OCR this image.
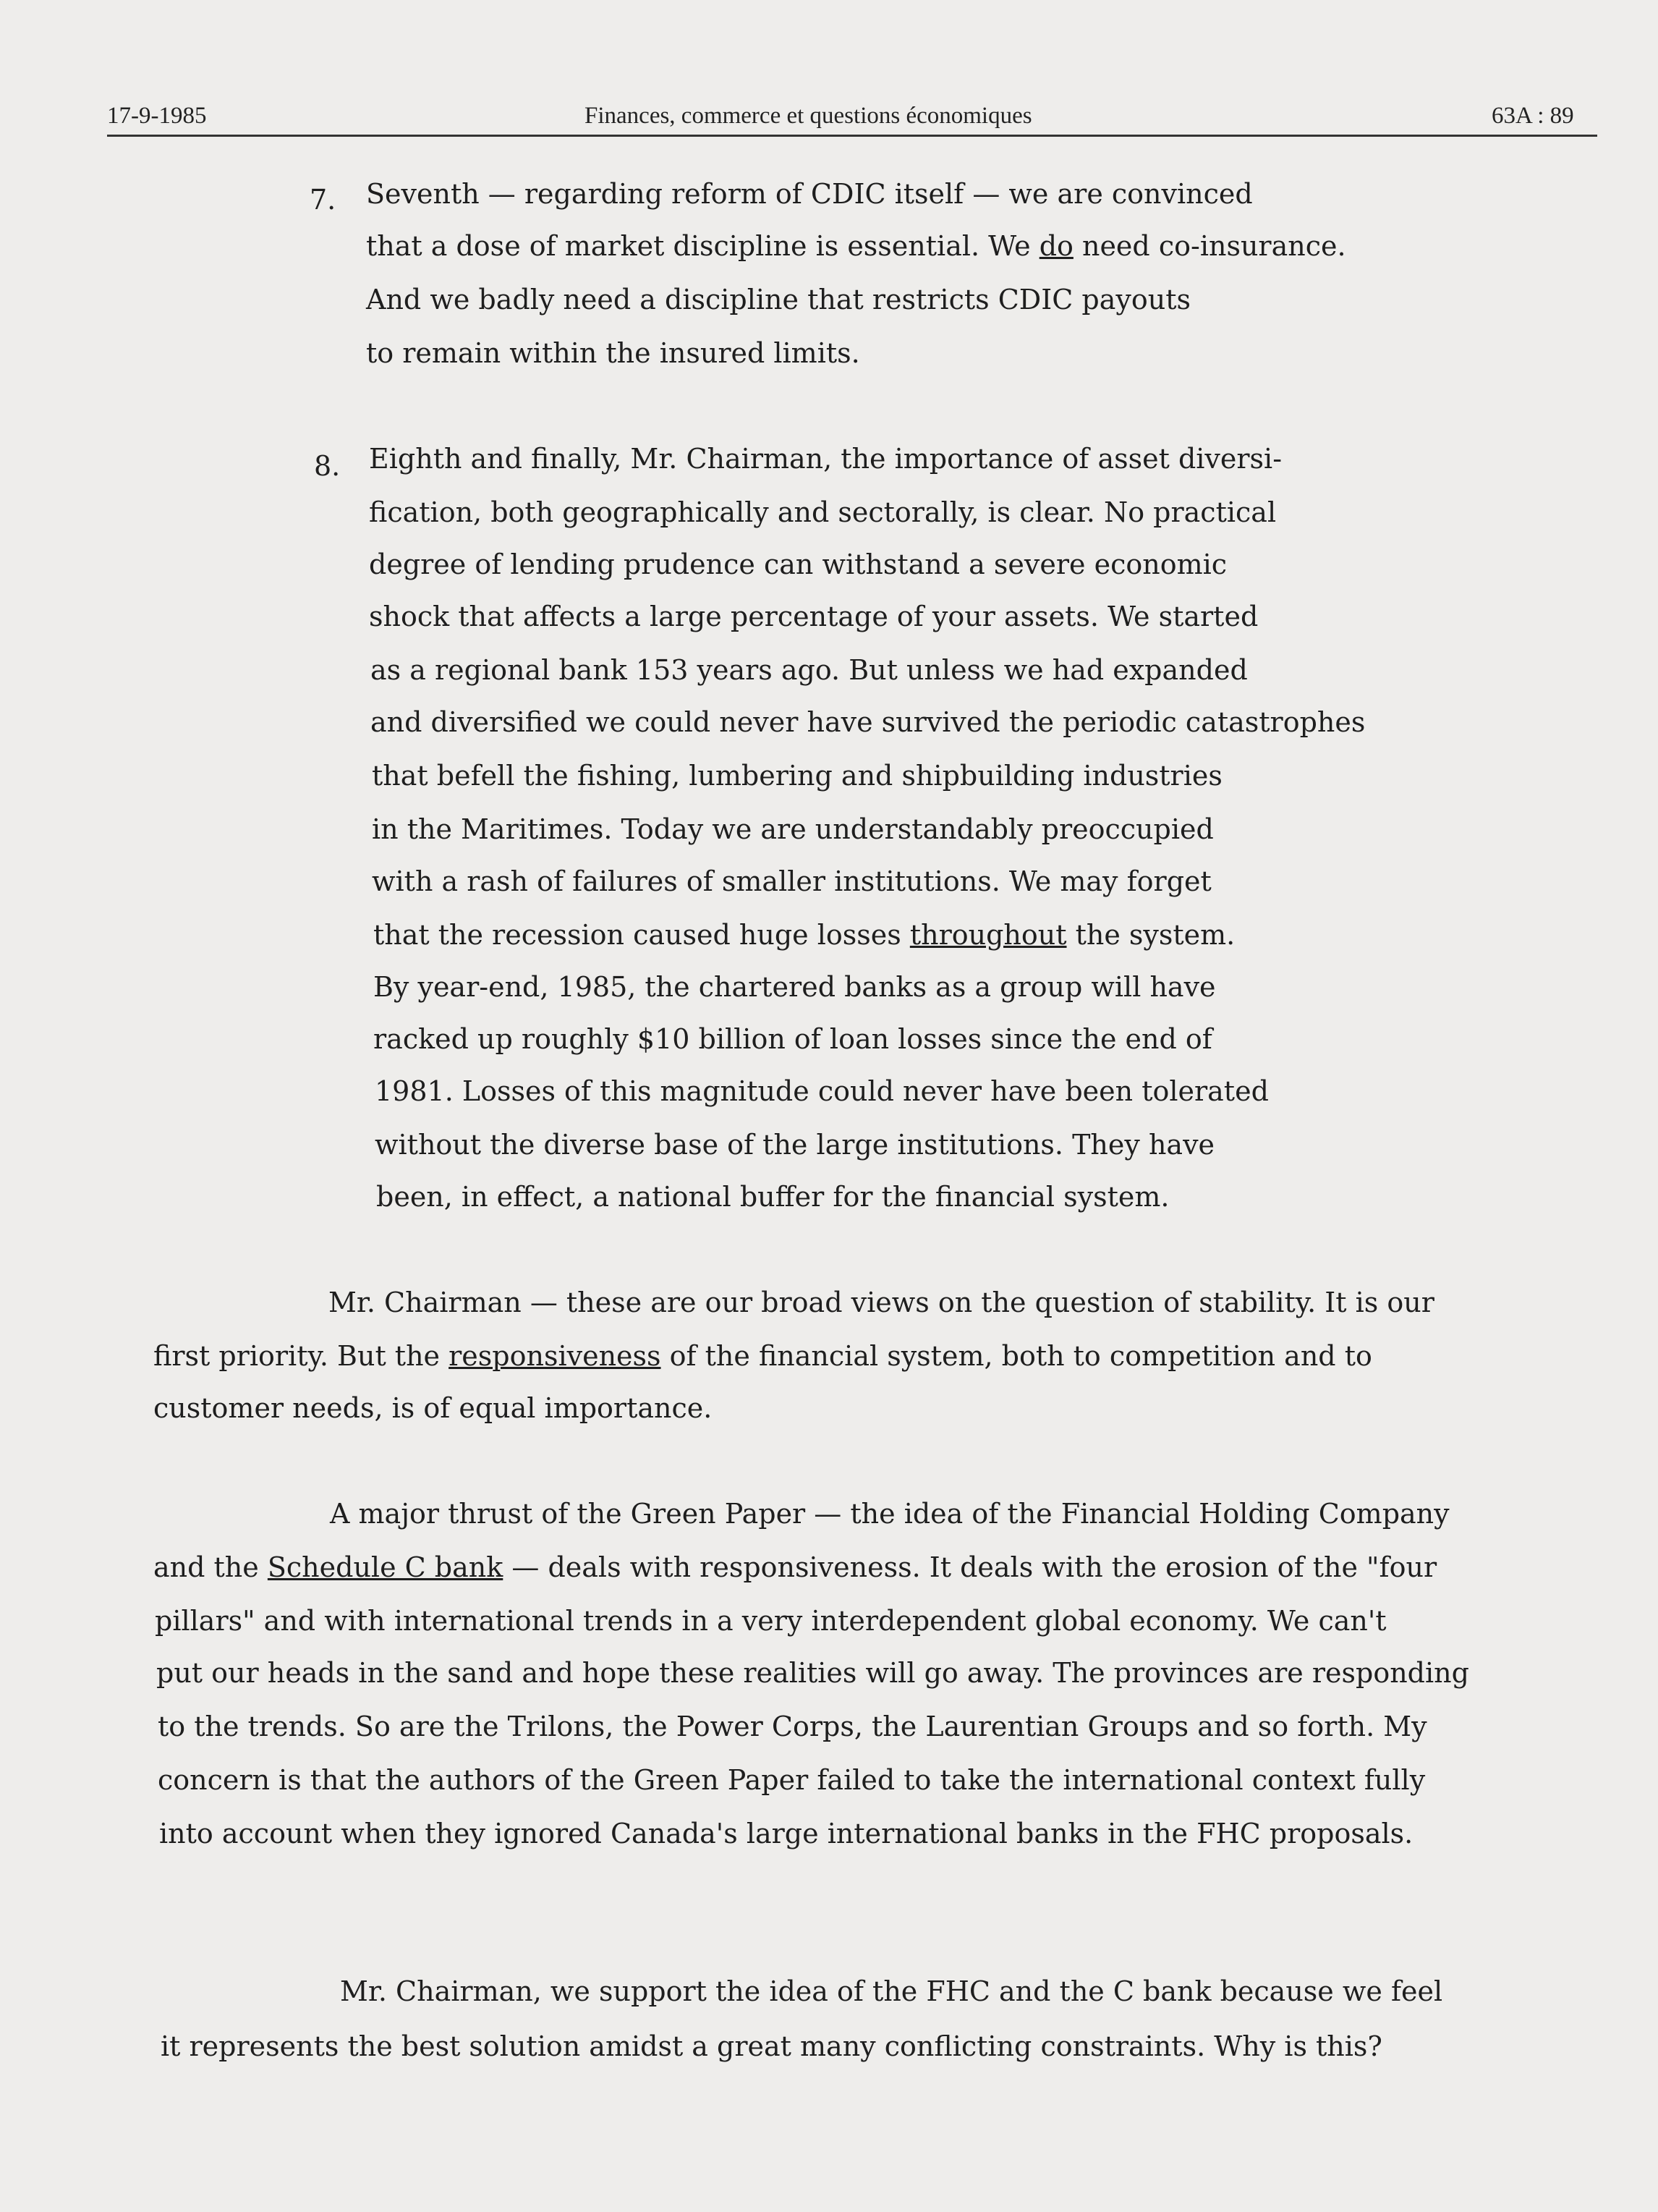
17-9-1985	Finances, commerce et questions économiques	63A : 89
7. Seventh — regarding reform of CDIC itself — we are convinced
that a dose of market discipline is essential. We do need co-insurance.
And we badly need a discipline that restricts CDIC payouts
to remain within the insured limits.
8. Eighth and finally, Mr. Chairman, the importance of asset diversi-
fication, both geographically and sectorally, is clear. No practical
degree of lending prudence can withstand a severe economic
shock that affects a large percentage of your assets. We started
as a regional bank 153 years ago. But unless we had expanded
and diversified we could never have survived the periodic catastrophes
that befell the fishing, lumbering and shipbuilding industries
in the Maritimes. Today we are understandably preoccupied
with a rash of failures of smaller institutions. We may forget
that the recession caused huge losses throughout the system.
By year-end, 1985, the chartered banks as a group will have
racked up roughly $10 billion of loan losses since the end of
1981. Losses of this magnitude could never have been tolerated
without the diverse base of the large institutions. They have
been, in effect, a national buffer for the financial system.
Mr. Chairman — these are our broad views on the question of stability. It is our
first priority. But the responsiveness of the financial system, both to competition and to
customer needs, is of equal importance.
A major thrust of the Green Paper — the idea of the Financial Holding Company
and the Schedule C bank — deals with responsiveness. It deals with the erosion of the "four
pillars" and with international trends in a very interdependent global economy. We can't
put our heads in the sand and hope these realities will go away. The provinces are responding
to the trends. So are the Trilons, the Power Corps, the Laurentian Groups and so forth. My
concern is that the authors of the Green Paper failed to take the international context fully
into account when they ignored Canada's large international banks in the FHC proposals.
Mr. Chairman, we support the idea of the FHC and the C bank because we feel
it represents the best solution amidst a great many conflicting constraints. Why is this?
